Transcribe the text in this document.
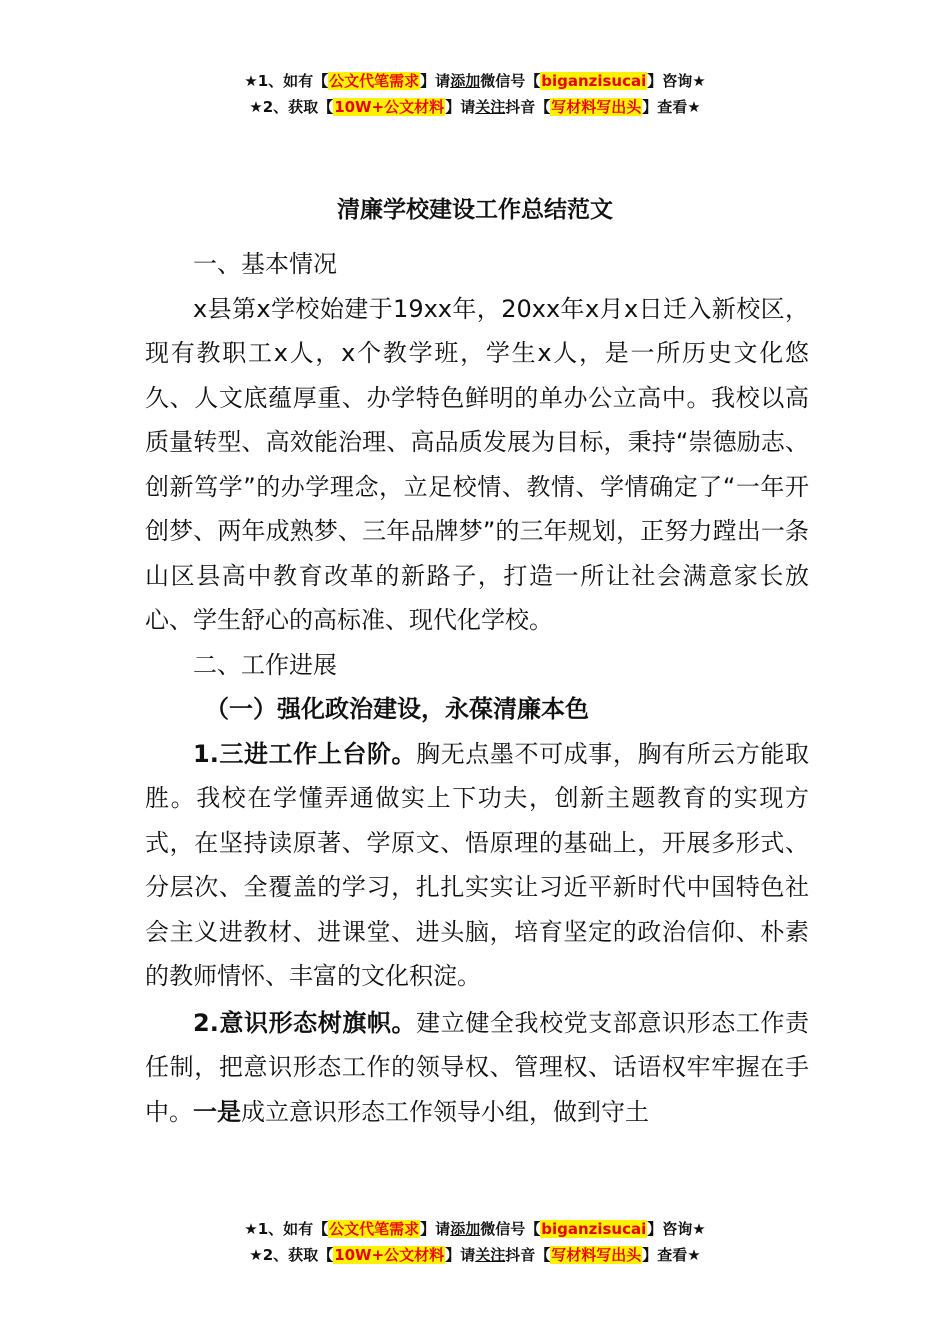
★1、如有【公文代笔需求】请添加微信号【biganzisucai】咨询★
★2、获取【10W+公文材料】请关注抖音【写材料写出头】查看★
清廉学校建设工作总结范文

一、基本情况

x县第x学校始建于19xx年，20xx年x月x日迁入新校区，现有教职工x人，x个教学班，学生x人，是一所历史文化悠久、人文底蕴厚重、办学特色鲜明的单办公立高中。我校以高质量转型、高效能治理、高品质发展为目标，秉持“崇德励志、创新笃学”的办学理念，立足校情、教情、学情确定了“一年开创梦、两年成熟梦、三年品牌梦”的三年规划，正努力蹚出一条山区县高中教育改革的新路子，打造一所让社会满意家长放心、学生舒心的高标准、现代化学校。

二、工作进展

（一）强化政治建设，永葆清廉本色

1.三进工作上台阶。胸无点墨不可成事，胸有所云方能取胜。我校在学懂弄通做实上下功夫，创新主题教育的实现方式，在坚持读原著、学原文、悟原理的基础上，开展多形式、分层次、全覆盖的学习，扎扎实实让习近平新时代中国特色社会主义进教材、进课堂、进头脑，培育坚定的政治信仰、朴素的教师情怀、丰富的文化积淀。

2.意识形态树旗帜。建立健全我校党支部意识形态工作责任制，把意识形态工作的领导权、管理权、话语权牢牢握在手中。一是成立意识形态工作领导小组，做到守土

★1、如有【公文代笔需求】请添加微信号【biganzisucai】咨询★
★2、获取【10W+公文材料】请关注抖音【写材料写出头】查看★
